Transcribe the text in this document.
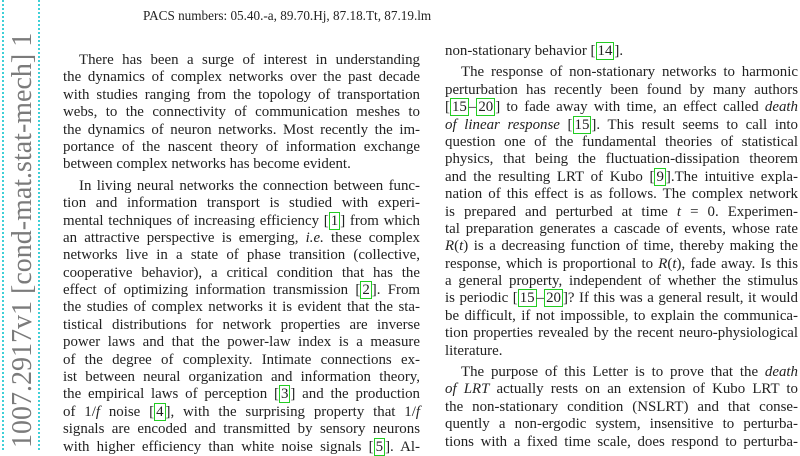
1007.2917v1 [cond-mat.stat-mech] 1
PACS numbers: 05.40.-a, 89.70.Hj, 87.18.Tt, 87.19.lm
There has been a surge of interest in understanding
the dynamics of complex networks over the past decade
with studies ranging from the topology of transportation
webs, to the connectivity of communication meshes to
the dynamics of neuron networks. Most recently the im-
portance of the nascent theory of information exchange
between complex networks has become evident.
In living neural networks the connection between func-
tion and information transport is studied with experi-
mental techniques of increasing efficiency [ 1 ] from which
an attractive perspective is emerging, i.e. these complex
networks live in a state of phase transition (collective,
cooperative behavior), a critical condition that has the
effect of optimizing information transmission [ 2 ]. From
the studies of complex networks it is evident that the sta-
tistical distributions for network properties are inverse
power laws and that the power-law index is a measure
of the degree of complexity. Intimate connections ex-
ist between neural organization and information theory,
the empirical laws of perception [ 3 ] and the production
of 1/f noise [ 4 ], with the surprising property that 1/f
signals are encoded and transmitted by sensory neurons
with higher efficiency than white noise signals [ 5 ]. Al-
non-stationary behavior [ 14 ].
The response of non-stationary networks to harmonic
perturbation has recently been found by many authors
[ 15 – 20 ] to fade away with time, an effect called death
of linear response [ 15 ]. This result seems to call into
question one of the fundamental theories of statistical
physics, that being the fluctuation-dissipation theorem
and the resulting LRT of Kubo [ 9 ].The intuitive expla-
nation of this effect is as follows. The complex network
is prepared and perturbed at time t = 0. Experimen-
tal preparation generates a cascade of events, whose rate
R(t) is a decreasing function of time, thereby making the
response, which is proportional to R(t), fade away. Is this
a general property, independent of whether the stimulus
is periodic [ 15 – 20 ]? If this was a general result, it would
be difficult, if not impossible, to explain the communica-
tion properties revealed by the recent neuro-physiological
literature.
The purpose of this Letter is to prove that the death
of LRT actually rests on an extension of Kubo LRT to
the non-stationary condition (NSLRT) and that conse-
quently a non-ergodic system, insensitive to perturba-
tions with a fixed time scale, does respond to perturba-
